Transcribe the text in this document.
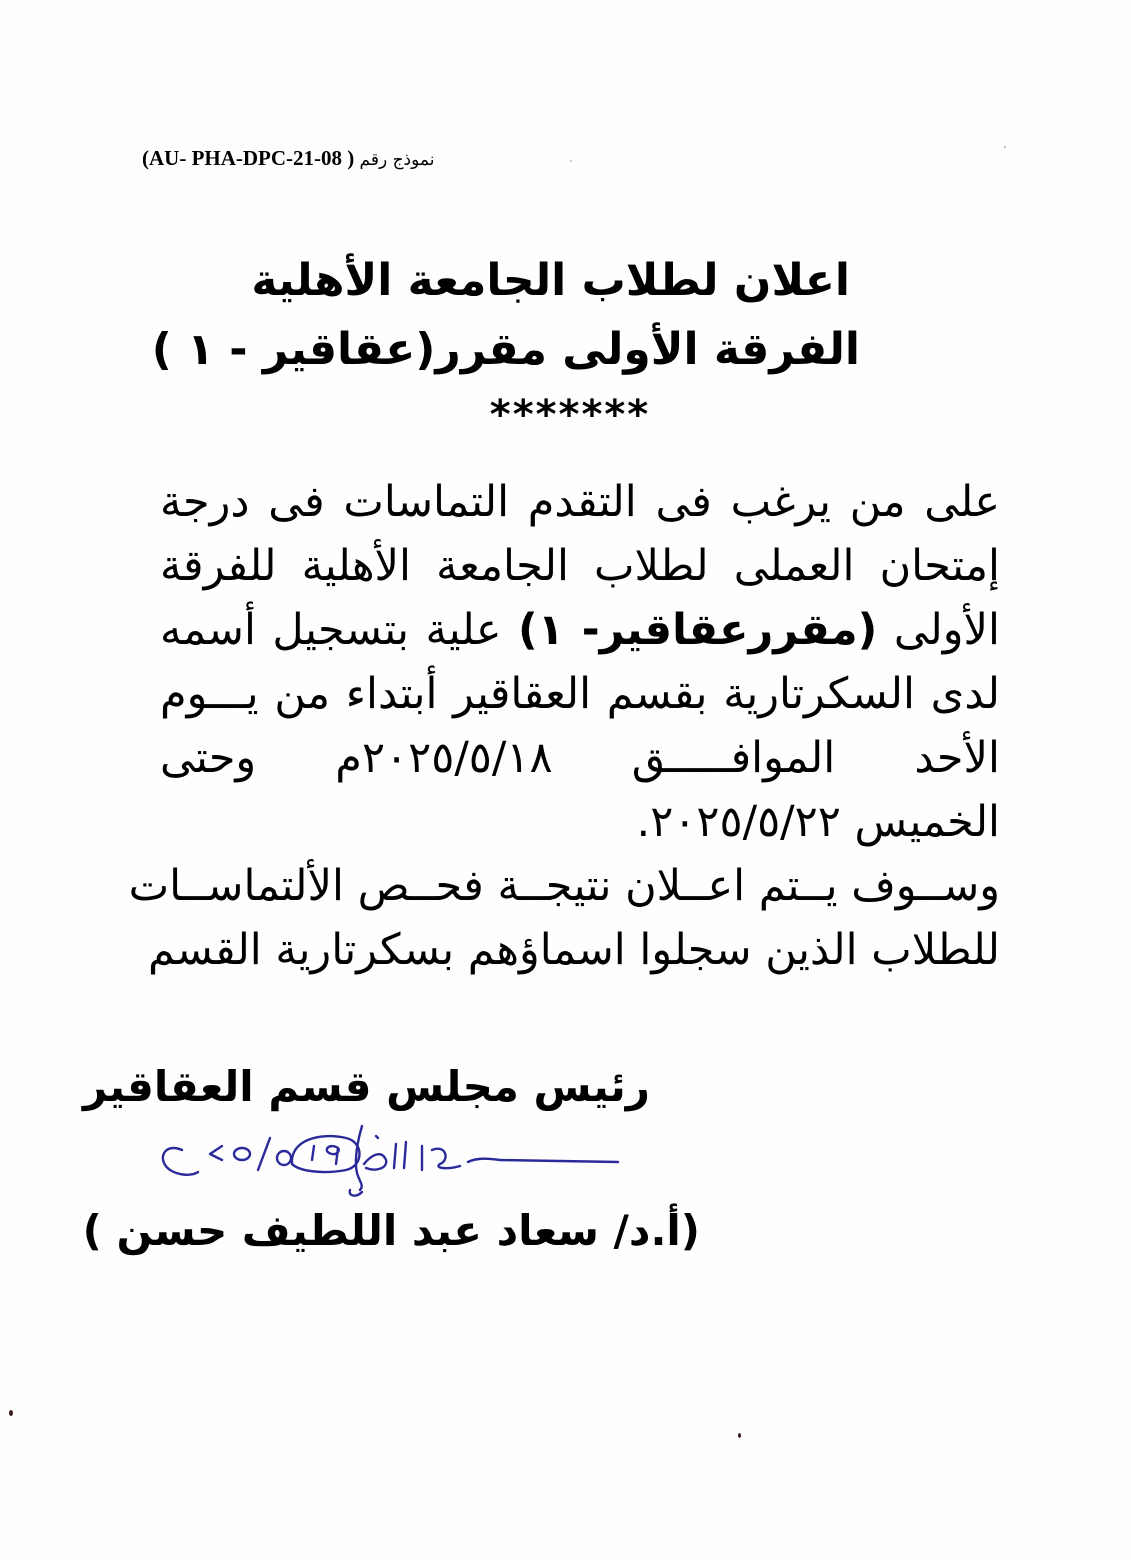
(AU- PHA-DPC-21-08 ) نموذج رقم
اعلان لطلاب الجامعة الأهلية
الفرقة الأولى مقرر(عقاقير - ١ )
*******
على من يرغب فى التقدم التماسات فى درجة
إمتحان العملى لطلاب الجامعة الأهلية للفرقة
الأولى (مقررعقاقير- ١) علية بتسجيل أسمه
لدى السكرتارية بقسم العقاقير أبتداء من يـــوم
الأحد الموافـــــق ٢٠٢٥/٥/١٨م وحتى
الخميس ٢٠٢٥/٥/٢٢.
وســوف يــتم اعــلان نتيجــة فحــص الألتماســات
للطلاب الذين سجلوا اسماؤهم بسكرتارية القسم
رئيس مجلس قسم العقاقير
(أ.د/ سعاد عبد اللطيف حسن )
